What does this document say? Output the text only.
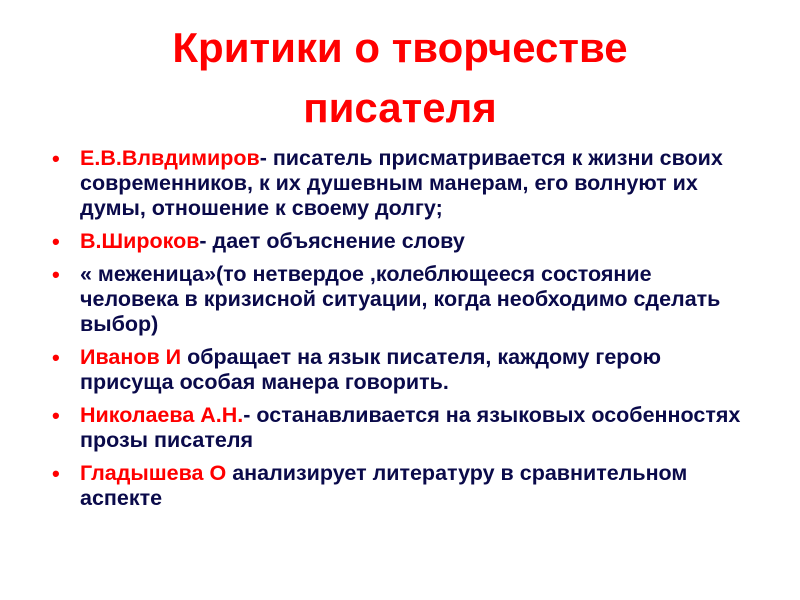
Критики о творчестве
писателя
• Е.В.Влвдимиров- писатель присматривается к жизни своих современников, к их душевным манерам, его волнуют их думы, отношение к своему долгу;
• В.Широков- дает объяснение слову
• « меженица»(то нетвердое ,колеблющееся состояние человека в кризисной ситуации, когда необходимо сделать выбор)
• Иванов И обращает на язык писателя, каждому герою присуща особая манера говорить.
• Николаева А.Н.- останавливается на языковых особенностях прозы писателя
• Гладышева О анализирует литературу в сравнительном аспекте
